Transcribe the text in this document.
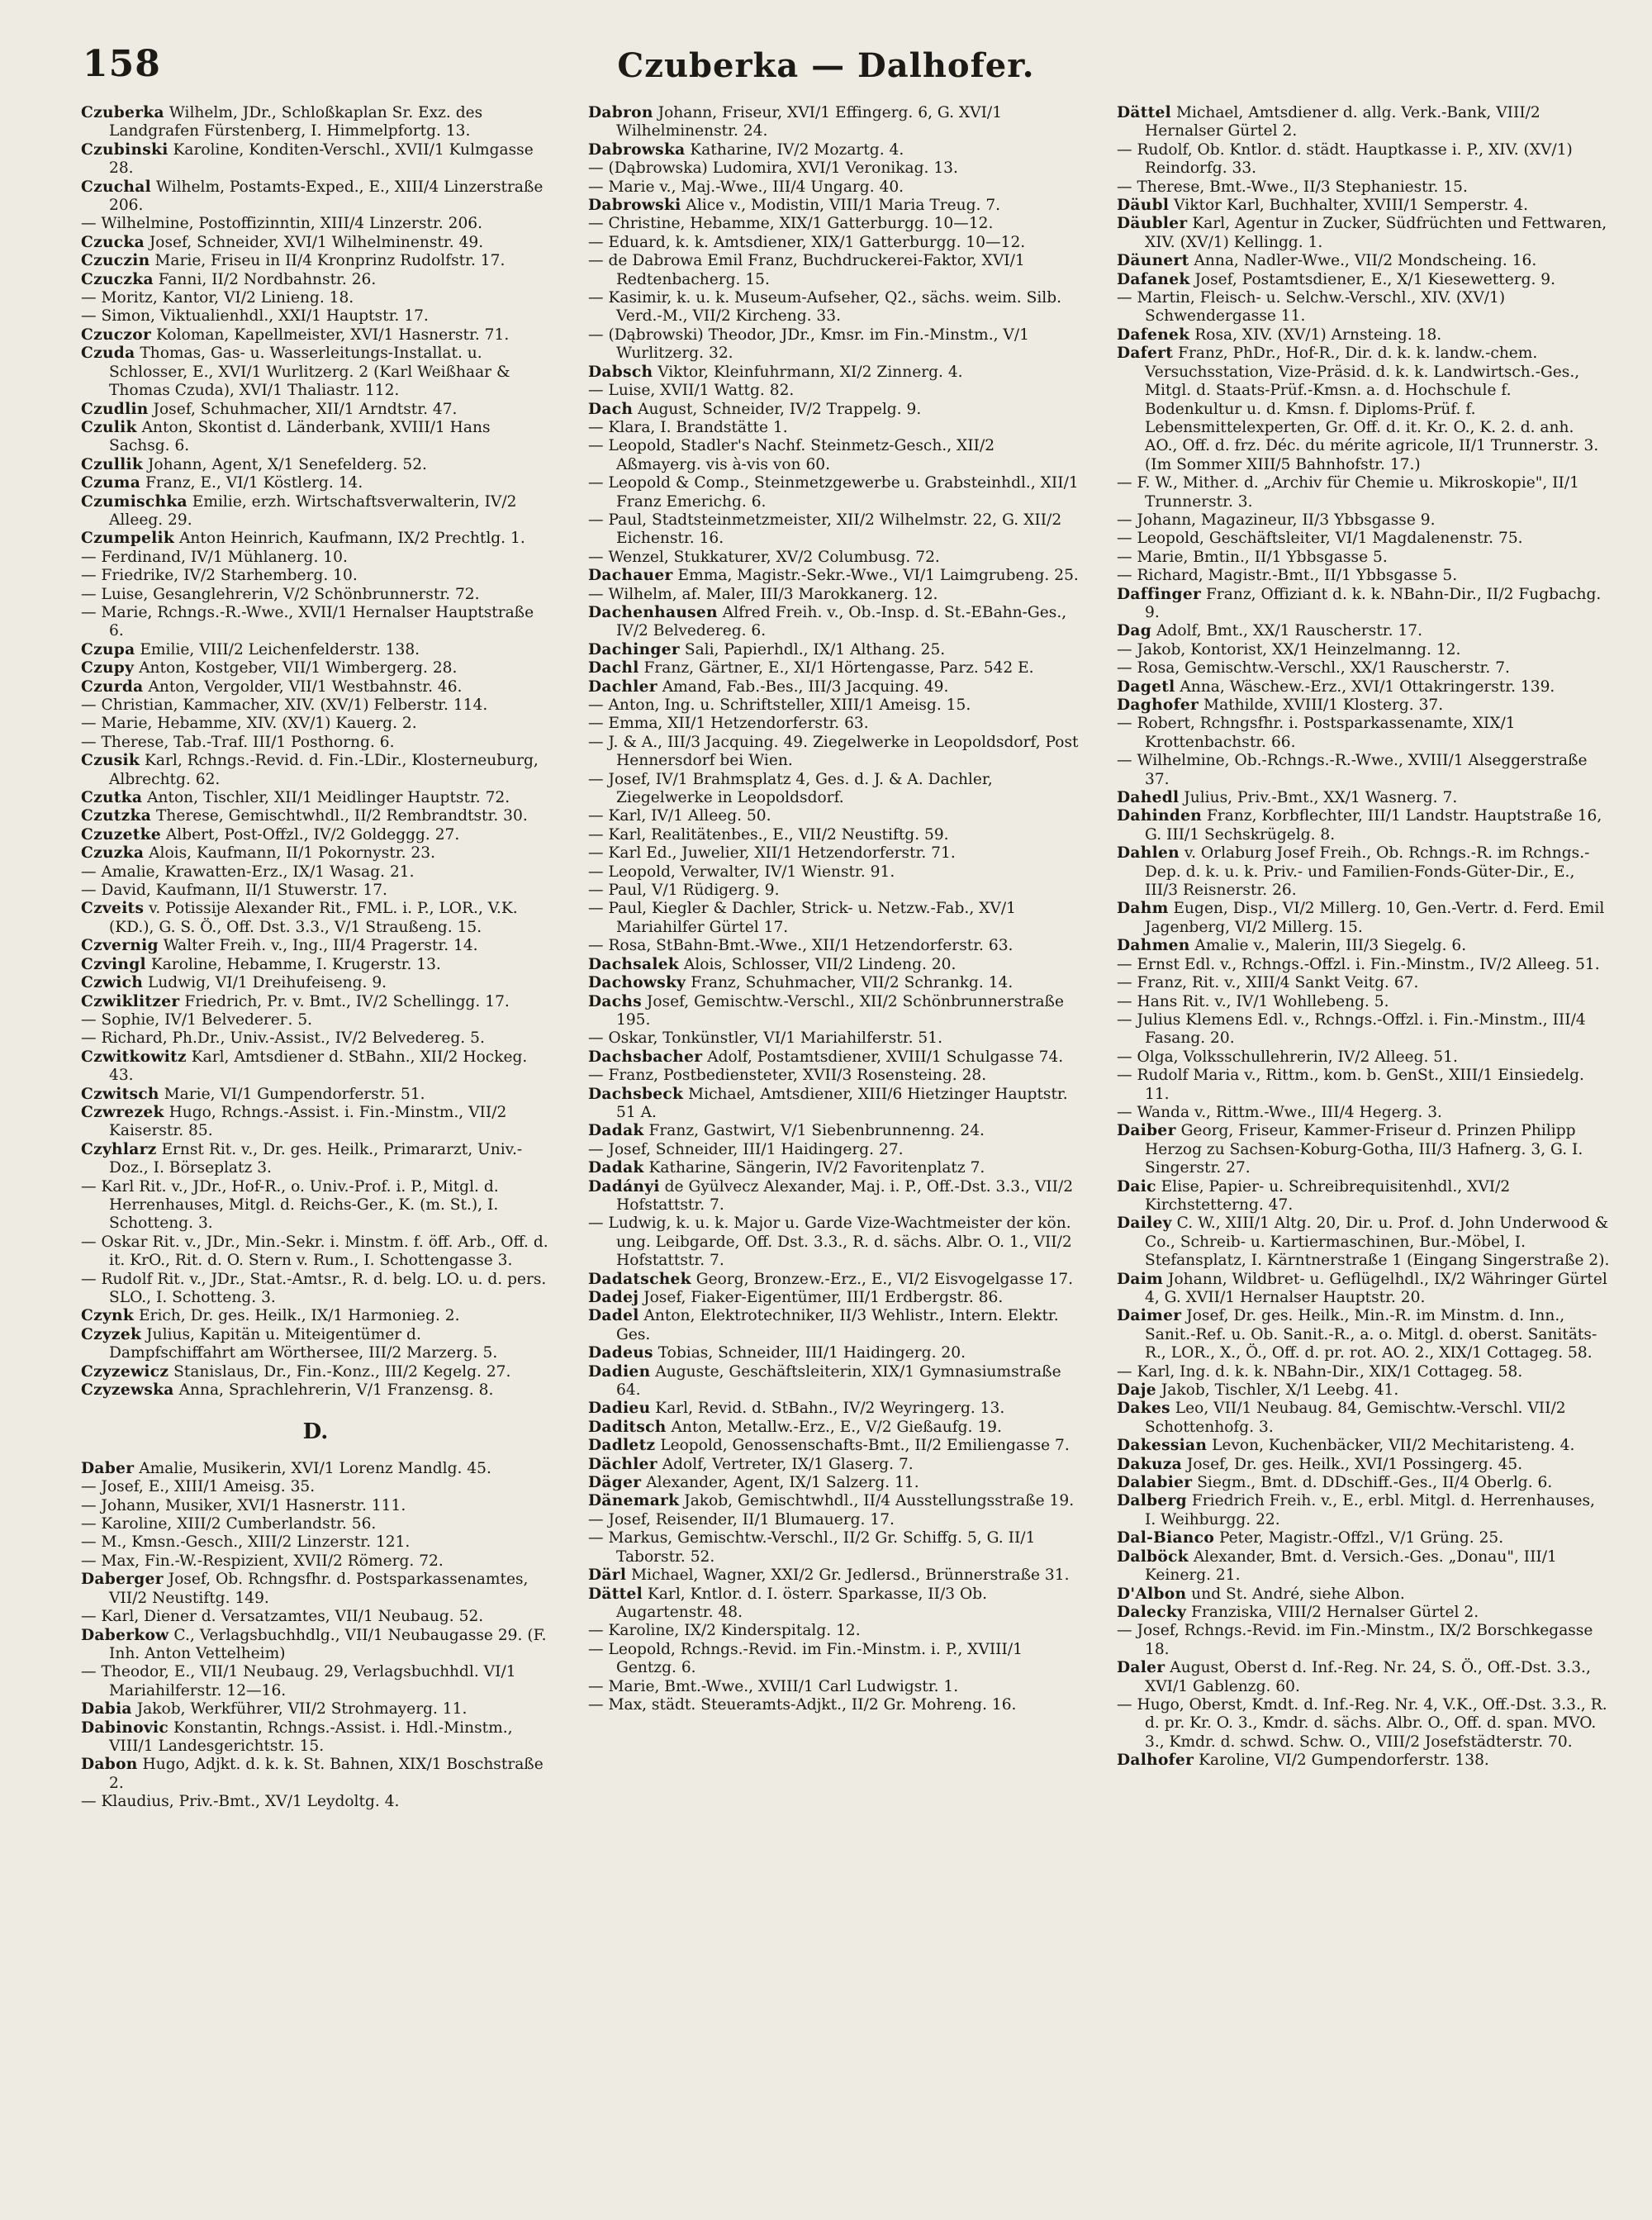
158	Czuberka — Dalhofer.

Czuberka Wilhelm, JDr., Schloßkaplan Sr. Exz. des Landgrafen Fürstenberg, I. Himmelpfortg. 13.

Czubinski Karoline, Konditen-Verschl., XVII/1 Kulmgasse 28.

Czuchal Wilhelm, Postamts-Exped., E., XIII/4 Linzerstraße 206.

— Wilhelmine, Postoffizinntin, XIII/4 Linzerstr. 206.

Czucka Josef, Schneider, XVI/1 Wilhelminenstr. 49.

Czuczin Marie, Friseu in II/4 Kronprinz Rudolfstr. 17.

Czuczka Fanni, II/2 Nordbahnstr. 26.

— Moritz, Kantor, VI/2 Linieng. 18.

— Simon, Viktualienhdl., XXI/1 Hauptstr. 17.

Czuczor Koloman, Kapellmeister, XVI/1 Hasnerstr. 71.

Czuda Thomas, Gas- u. Wasserleitungs-Installat. u. Schlosser, E., XVI/1 Wurlitzerg. 2 (Karl Weißhaar & Thomas Czuda), XVI/1 Thaliastr. 112.

Czudlin Josef, Schuhmacher, XII/1 Arndtstr. 47.

Czulik Anton, Skontist d. Länderbank, XVIII/1 Hans Sachsg. 6.

Czullik Johann, Agent, X/1 Senefelderg. 52.

Czuma Franz, E., VI/1 Köstlerg. 14.

Czumischka Emilie, erzh. Wirtschaftsverwalterin, IV/2 Alleeg. 29.

Czumpelik Anton Heinrich, Kaufmann, IX/2 Prechtlg. 1.

— Ferdinand, IV/1 Mühlanerg. 10.

— Friedrike, IV/2 Starhemberg. 10.

— Luise, Gesanglehrerin, V/2 Schönbrunnerstr. 72.

— Marie, Rchngs.-R.-Wwe., XVII/1 Hernalser Hauptstraße 6.

Czupa Emilie, VIII/2 Leichenfelderstr. 138.

Czupy Anton, Kostgeber, VII/1 Wimbergerg. 28.

Czurda Anton, Vergolder, VII/1 Westbahnstr. 46.

— Christian, Kammacher, XIV. (XV/1) Felberstr. 114.

— Marie, Hebamme, XIV. (XV/1) Kauerg. 2.

— Therese, Tab.-Traf. III/1 Posthorng. 6.

Czusik Karl, Rchngs.-Revid. d. Fin.-LDir., Klosterneuburg, Albrechtg. 62.

Czutka Anton, Tischler, XII/1 Meidlinger Hauptstr. 72.

Czutzka Therese, Gemischtwhdl., II/2 Rembrandtstr. 30.

Czuzetke Albert, Post-Offzl., IV/2 Goldeggg. 27.

Czuzka Alois, Kaufmann, II/1 Pokornystr. 23.

— Amalie, Krawatten-Erz., IX/1 Wasag. 21.

— David, Kaufmann, II/1 Stuwerstr. 17.

Czveits v. Potissije Alexander Rit., FML. i. P., LOR., V.K.(KD.), G. S. Ö., Off. Dst. 3.3., V/1 Straußeng. 15.

Czvernig Walter Freih. v., Ing., III/4 Pragerstr. 14.

Czvingl Karoline, Hebamme, I. Krugerstr. 13.

Czwich Ludwig, VI/1 Dreihufeiseng. 9.

Czwiklitzer Friedrich, Pr. v. Bmt., IV/2 Schellingg. 17.

— Sophie, IV/1 Belvederег. 5.

— Richard, Ph.Dr., Univ.-Assist., IV/2 Belvedereg. 5.

Czwitkowitz Karl, Amtsdiener d. StBahn., XII/2 Hockeg. 43.

Czwitsch Marie, VI/1 Gumpendorferstr. 51.

Czwrezek Hugo, Rchngs.-Assist. i. Fin.-Minstm., VII/2 Kaiserstr. 85.

Czyhlarz Ernst Rit. v., Dr. ges. Heilk., Primararzt, Univ.-Doz., I. Börseplatz 3.

— Karl Rit. v., JDr., Hof-R., o. Univ.-Prof. i. P., Mitgl. d. Herrenhauses, Mitgl. d. Reichs-Ger., K. (m. St.), I. Schotteng. 3.

— Oskar Rit. v., JDr., Min.-Sekr. i. Minstm. f. öff. Arb., Off. d. it. KrO., Rit. d. O. Stern v. Rum., I. Schottengasse 3.

— Rudolf Rit. v., JDr., Stat.-Amtsr., R. d. belg. LO. u. d. pers. SLO., I. Schotteng. 3.

Czynk Erich, Dr. ges. Heilk., IX/1 Harmonieg. 2.

Czyzek Julius, Kapitän u. Miteigentümer d. Dampfschiffahrt am Wörthersee, III/2 Marzerg. 5.

Czyzewicz Stanislaus, Dr., Fin.-Konz., III/2 Kegelg. 27.

Czyzewska Anna, Sprachlehrerin, V/1 Franzensg. 8.

D.

Daber Amalie, Musikerin, XVI/1 Lorenz Mandlg. 45.

— Josef, E., XIII/1 Ameisg. 35.

— Johann, Musiker, XVI/1 Hasnerstr. 111.

— Karoline, XIII/2 Cumberlandstr. 56.

— M., Kmsn.-Gesch., XIII/2 Linzerstr. 121.

— Max, Fin.-W.-Respizient, XVII/2 Römerg. 72.

Daberger Josef, Ob. Rchngsfhr. d. Postsparkassenamtes, VII/2 Neustiftg. 149.

— Karl, Diener d. Versatzamtes, VII/1 Neubaug. 52.

Daberkow C., Verlagsbuchhdlg., VII/1 Neubaugasse 29. (F. Inh. Anton Vettelheim)

— Theodor, E., VII/1 Neubaug. 29, Verlagsbuchhdl. VI/1 Mariahilferstr. 12—16.

Dabia Jakob, Werkführer, VII/2 Strohmayerg. 11.

Dabinovic Konstantin, Rchngs.-Assist. i. Hdl.-Minstm., VIII/1 Landesgerichtstr. 15.

Dabon Hugo, Adjkt. d. k. k. St. Bahnen, XIX/1 Boschstraße 2.

— Klaudius, Priv.-Bmt., XV/1 Leydoltg. 4.

Dabron Johann, Friseur, XVI/1 Effingerg. 6, G. XVI/1 Wilhelminenstr. 24.

Dabrowska Katharine, IV/2 Mozartg. 4.

— (Dąbrowska) Ludomira, XVI/1 Veronikag. 13.

— Marie v., Maj.-Wwe., III/4 Ungarg. 40.

Dabrowski Alice v., Modistin, VIII/1 Maria Treug. 7.

— Christine, Hebamme, XIX/1 Gatterburgg. 10—12.

— Eduard, k. k. Amtsdiener, XIX/1 Gatterburgg. 10—12.

— de Dabrowa Emil Franz, Buchdruckerei-Faktor, XVI/1 Redtenbacherg. 15.

— Kasimir, k. u. k. Museum-Aufseher, Q2., sächs. weim. Silb. Verd.-M., VII/2 Kircheng. 33.

— (Dąbrowski) Theodor, JDr., Kmsr. im Fin.-Minstm., V/1 Wurlitzerg. 32.

Dabsch Viktor, Kleinfuhrmann, XI/2 Zinnerg. 4.

— Luise, XVII/1 Wattg. 82.

Dach August, Schneider, IV/2 Trappelg. 9.

— Klara, I. Brandstätte 1.

— Leopold, Stadler's Nachf. Steinmetz-Gesch., XII/2 Aßmayerg. vis à-vis von 60.

— Leopold & Comp., Steinmetzgewerbe u. Grabsteinhdl., XII/1 Franz Emerichg. 6.

— Paul, Stadtsteinmetzmeister, XII/2 Wilhelmstr. 22, G. XII/2 Eichenstr. 16.

— Wenzel, Stukkaturer, XV/2 Columbusg. 72.

Dachauer Emma, Magistr.-Sekr.-Wwe., VI/1 Laimgrubeng. 25.

— Wilhelm, af. Maler, III/3 Marokkanerg. 12.

Dachenhausen Alfred Freih. v., Ob.-Insp. d. St.-EBahn-Ges., IV/2 Belvedereg. 6.

Dachinger Sali, Papierhdl., IX/1 Althang. 25.

Dachl Franz, Gärtner, E., XI/1 Hörtengasse, Parz. 542 E.

Dachler Amand, Fab.-Bes., III/3 Jacquing. 49.

— Anton, Ing. u. Schriftsteller, XIII/1 Ameisg. 15.

— Emma, XII/1 Hetzendorferstr. 63.

— J. & A., III/3 Jacquing. 49. Ziegelwerke in Leopoldsdorf, Post Hennersdorf bei Wien.

— Josef, IV/1 Brahmsplatz 4, Ges. d. J. & A. Dachler, Ziegelwerke in Leopoldsdorf.

— Karl, IV/1 Alleeg. 50.

— Karl, Realitätenbes., E., VII/2 Neustiftg. 59.

— Karl Ed., Juwelier, XII/1 Hetzendorferstr. 71.

— Leopold, Verwalter, IV/1 Wienstr. 91.

— Paul, V/1 Rüdigerg. 9.

— Paul, Kiegler & Dachler, Strick- u. Netzw.-Fab., XV/1 Mariahilfer Gürtel 17.

— Rosa, StBahn-Bmt.-Wwe., XII/1 Hetzendorferstr. 63.

Dachsalek Alois, Schlosser, VII/2 Lindeng. 20.

Dachowsky Franz, Schuhmacher, VII/2 Schrankg. 14.

Dachs Josef, Gemischtw.-Verschl., XII/2 Schönbrunnerstraße 195.

— Oskar, Tonkünstler, VI/1 Mariahilferstr. 51.

Dachsbacher Adolf, Postamtsdiener, XVIII/1 Schulgasse 74.

— Franz, Postbediensteter, XVII/3 Rosensteing. 28.

Dachsbeck Michael, Amtsdiener, XIII/6 Hietzinger Hauptstr. 51 A.

Dadak Franz, Gastwirt, V/1 Siebenbrunnenng. 24.

— Josef, Schneider, III/1 Haidingerg. 27.

Dadak Katharine, Sängerin, IV/2 Favoritenplatz 7.

Dadányi de Gyülvecz Alexander, Maj. i. P., Off.-Dst. 3.3., VII/2 Hofstattstr. 7.

— Ludwig, k. u. k. Major u. Garde Vize-Wachtmeister der kön. ung. Leibgarde, Off. Dst. 3.3., R. d. sächs. Albr. O. 1., VII/2 Hofstattstr. 7.

Dadatschek Georg, Bronzew.-Erz., E., VI/2 Eisvogelgasse 17.

Dadej Josef, Fiaker-Eigentümer, III/1 Erdbergstr. 86.

Dadel Anton, Elektrotechniker, II/3 Wehlistr., Intern. Elektr. Ges.

Dadeus Tobias, Schneider, III/1 Haidingerg. 20.

Dadien Auguste, Geschäftsleiterin, XIX/1 Gymnasiumstraße 64.

Dadieu Karl, Revid. d. StBahn., IV/2 Weyringerg. 13.

Daditsch Anton, Metallw.-Erz., E., V/2 Gießaufg. 19.

Dadletz Leopold, Genossenschafts-Bmt., II/2 Emiliengasse 7.

Dächler Adolf, Vertreter, IX/1 Glaserg. 7.

Däger Alexander, Agent, IX/1 Salzerg. 11.

Dänemark Jakob, Gemischtwhdl., II/4 Ausstellungsstraße 19.

— Josef, Reisender, II/1 Blumauerg. 17.

— Markus, Gemischtw.-Verschl., II/2 Gr. Schiffg. 5, G. II/1 Taborstr. 52.

Därl Michael, Wagner, XXI/2 Gr. Jedlersd., Brünnerstraße 31.

Dättel Karl, Kntlor. d. I. österr. Sparkasse, II/3 Ob. Augartenstr. 48.

— Karoline, IX/2 Kinderspitalg. 12.

— Leopold, Rchngs.-Revid. im Fin.-Minstm. i. P., XVIII/1 Gentzg. 6.

— Marie, Bmt.-Wwe., XVIII/1 Carl Ludwigstr. 1.

— Max, städt. Steueramts-Adjkt., II/2 Gr. Mohreng. 16.

Dättel Michael, Amtsdiener d. allg. Verk.-Bank, VIII/2 Hernalser Gürtel 2.

— Rudolf, Ob. Kntlor. d. städt. Hauptkasse i. P., XIV. (XV/1) Reindorfg. 33.

— Therese, Bmt.-Wwe., II/3 Stephaniestr. 15.

Däubl Viktor Karl, Buchhalter, XVIII/1 Semperstr. 4.

Däubler Karl, Agentur in Zucker, Südfrüchten und Fettwaren, XIV. (XV/1) Kellingg. 1.

Däunert Anna, Nadler-Wwe., VII/2 Mondscheing. 16.

Dafanek Josef, Postamtsdiener, E., X/1 Kiesewetterg. 9.

— Martin, Fleisch- u. Selchw.-Verschl., XIV. (XV/1) Schwendergasse 11.

Dafenek Rosa, XIV. (XV/1) Arnsteing. 18.

Dafert Franz, PhDr., Hof-R., Dir. d. k. k. landw.-chem. Versuchsstation, Vize-Präsid. d. k. k. Landwirtsch.-Ges., Mitgl. d. Staats-Prüf.-Kmsn. a. d. Hochschule f. Bodenkultur u. d. Kmsn. f. Diploms-Prüf. f. Lebensmittelexperten, Gr. Off. d. it. Kr. O., K. 2. d. anh. AO., Off. d. frz. Déc. du mérite agricole, II/1 Trunnerstr. 3. (Im Sommer XIII/5 Bahnhofstr. 17.)

— F. W., Mither. d. „Archiv für Chemie u. Mikroskopie", II/1 Trunnerstr. 3.

— Johann, Magazineur, II/3 Ybbsgasse 9.

— Leopold, Geschäftsleiter, VI/1 Magdalenenstr. 75.

— Marie, Bmtin., II/1 Ybbsgasse 5.

— Richard, Magistr.-Bmt., II/1 Ybbsgasse 5.

Daffinger Franz, Offiziant d. k. k. NBahn-Dir., II/2 Fugbachg. 9.

Dag Adolf, Bmt., XX/1 Rauscherstr. 17.

— Jakob, Kontorist, XX/1 Heinzelmanng. 12.

— Rosa, Gemischtw.-Verschl., XX/1 Rauscherstr. 7.

Dagetl Anna, Wäschew.-Erz., XVI/1 Ottakringerstr. 139.

Daghofer Mathilde, XVIII/1 Klosterg. 37.

— Robert, Rchngsfhr. i. Postsparkassenamte, XIX/1 Krottenbachstr. 66.

— Wilhelmine, Ob.-Rchngs.-R.-Wwe., XVIII/1 Alseggerstraße 37.

Dahedl Julius, Priv.-Bmt., XX/1 Wasnerg. 7.

Dahinden Franz, Korbflechter, III/1 Landstr. Hauptstraße 16, G. III/1 Sechskrügelg. 8.

Dahlen v. Orlaburg Josef Freih., Ob. Rchngs.-R. im Rchngs.-Dep. d. k. u. k. Priv.- und Familien-Fonds-Güter-Dir., E., III/3 Reisnerstr. 26.

Dahm Eugen, Disp., VI/2 Millerg. 10, Gen.-Vertr. d. Ferd. Emil Jagenberg, VI/2 Millerg. 15.

Dahmen Amalie v., Malerin, III/3 Siegelg. 6.

— Ernst Edl. v., Rchngs.-Offzl. i. Fin.-Minstm., IV/2 Alleeg. 51.

— Franz, Rit. v., XIII/4 Sankt Veitg. 67.

— Hans Rit. v., IV/1 Wohllebeng. 5.

— Julius Klemens Edl. v., Rchngs.-Offzl. i. Fin.-Minstm., III/4 Fasang. 20.

— Olga, Volksschullehrerin, IV/2 Alleeg. 51.

— Rudolf Maria v., Rittm., kom. b. GenSt., XIII/1 Einsiedelg. 11.

— Wanda v., Rittm.-Wwe., III/4 Hegerg. 3.

Daiber Georg, Friseur, Kammer-Friseur d. Prinzen Philipp Herzog zu Sachsen-Koburg-Gotha, III/3 Hafnerg. 3, G. I. Singerstr. 27.

Daic Elise, Papier- u. Schreibrequisitenhdl., XVI/2 Kirchstetterng. 47.

Dailey C. W., XIII/1 Altg. 20, Dir. u. Prof. d. John Underwood & Co., Schreib- u. Kartiermaschinen, Bur.-Möbel, I. Stefansplatz, I. Kärntnerstraße 1 (Eingang Singerstraße 2).

Daim Johann, Wildbret- u. Geflügelhdl., IX/2 Währinger Gürtel 4, G. XVII/1 Hernalser Hauptstr. 20.

Daimer Josef, Dr. ges. Heilk., Min.-R. im Minstm. d. Inn., Sanit.-Ref. u. Ob. Sanit.-R., a. o. Mitgl. d. oberst. Sanitäts-R., LOR., X., Ö., Off. d. pr. rot. AO. 2., XIX/1 Cottageg. 58.

— Karl, Ing. d. k. k. NBahn-Dir., XIX/1 Cottageg. 58.

Daje Jakob, Tischler, X/1 Leebg. 41.

Dakes Leo, VII/1 Neubaug. 84, Gemischtw.-Verschl. VII/2 Schottenhofg. 3.

Dakessian Levon, Kuchenbäcker, VII/2 Mechitaristeng. 4.

Dakuza Josef, Dr. ges. Heilk., XVI/1 Possingerg. 45.

Dalabier Siegm., Bmt. d. DDschiff.-Ges., II/4 Oberlg. 6.

Dalberg Friedrich Freih. v., E., erbl. Mitgl. d. Herrenhauses, I. Weihburgg. 22.

Dal-Bianco Peter, Magistr.-Offzl., V/1 Grüng. 25.

Dalböck Alexander, Bmt. d. Versich.-Ges. „Donau", III/1 Keinerg. 21.

D'Albon und St. André, siehe Albon.

Dalecky Franziska, VIII/2 Hernalser Gürtel 2.

— Josef, Rchngs.-Revid. im Fin.-Minstm., IX/2 Borschkegasse 18.

Daler August, Oberst d. Inf.-Reg. Nr. 24, S. Ö., Off.-Dst. 3.3., XVI/1 Gablenzg. 60.

— Hugo, Oberst, Kmdt. d. Inf.-Reg. Nr. 4, V.K., Off.-Dst. 3.3., R. d. pr. Kr. O. 3., Kmdr. d. sächs. Albr. O., Off. d. span. MVO. 3., Kmdr. d. schwd. Schw. O., VIII/2 Josefstädterstr. 70.

Dalhofer Karoline, VI/2 Gumpendorferstr. 138.
